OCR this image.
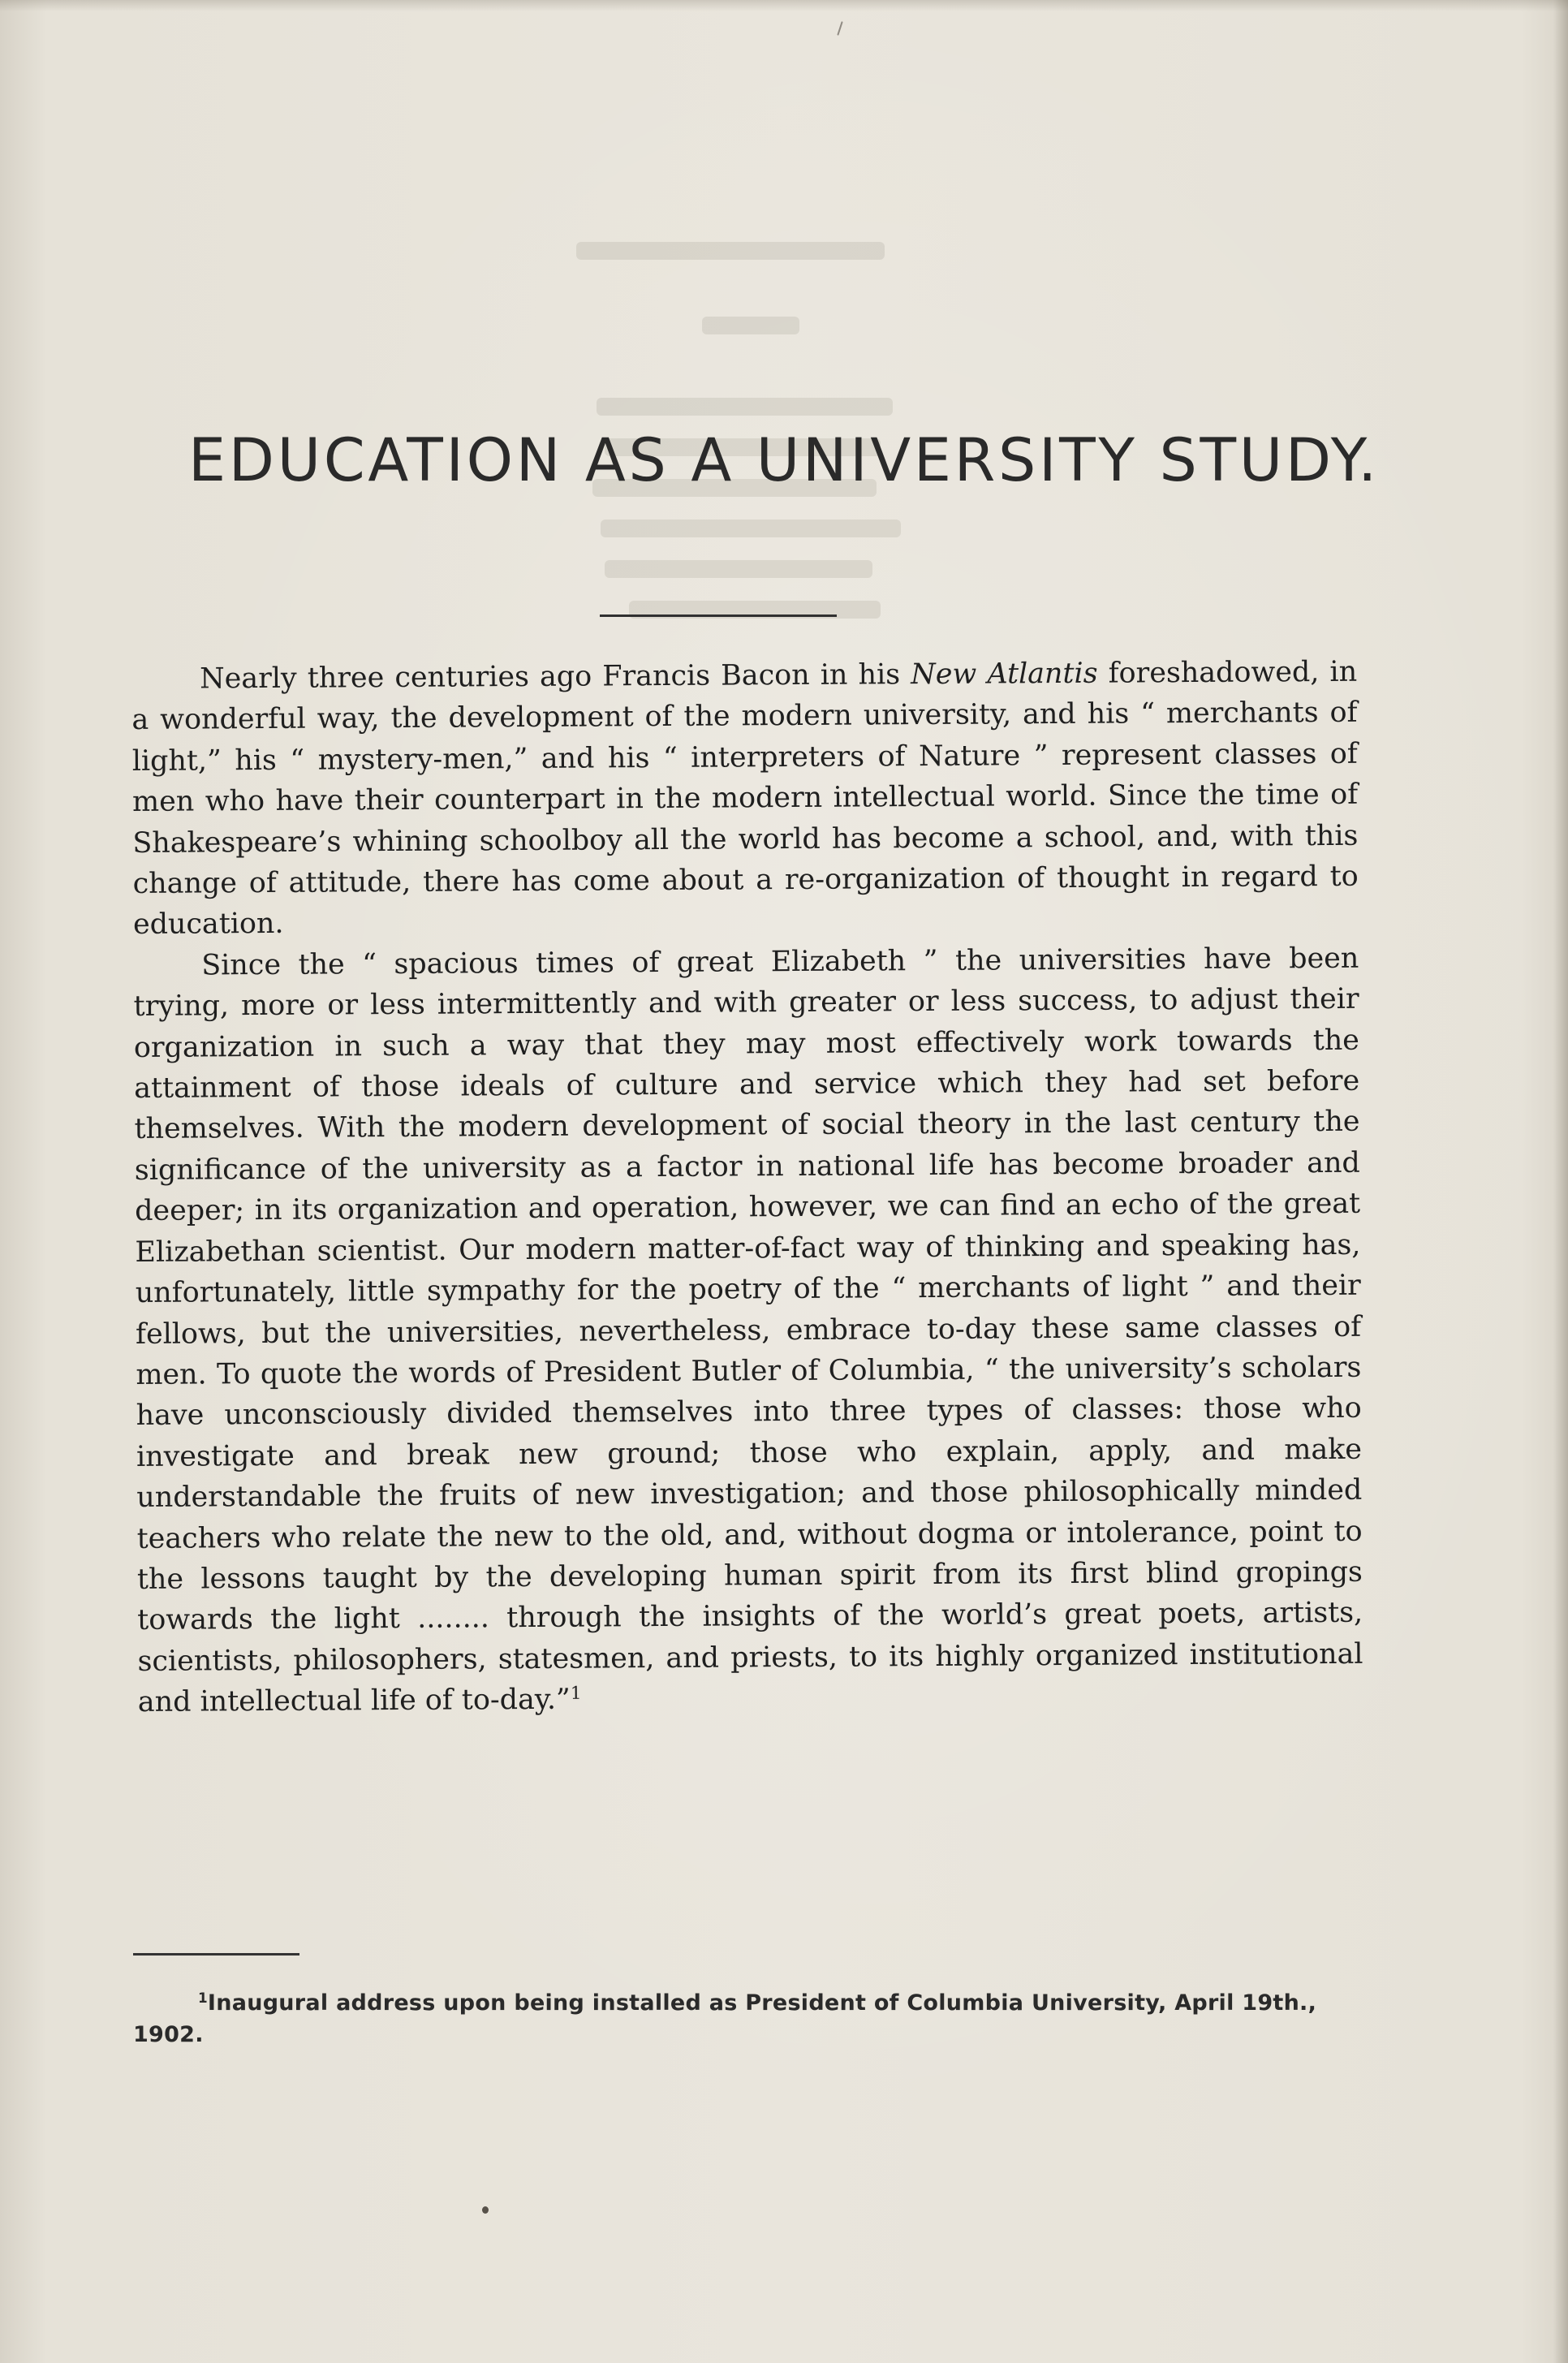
EDUCATION AS A UNIVERSITY STUDY.

Nearly three centuries ago Francis Bacon in his New Atlantis foreshadowed, in a wonderful way, the development of the modern university, and his “ merchants of light,” his “ mystery-men,” and his “ interpreters of Nature ” represent classes of men who have their counterpart in the modern intellectual world. Since the time of Shakespeare’s whining schoolboy all the world has become a school, and, with this change of attitude, there has come about a re-organization of thought in regard to education.

Since the “ spacious times of great Elizabeth ” the universities have been trying, more or less intermittently and with greater or less success, to adjust their organization in such a way that they may most effectively work towards the attainment of those ideals of culture and service which they had set before themselves. With the modern development of social theory in the last century the significance of the university as a factor in national life has become broader and deeper; in its organization and operation, however, we can find an echo of the great Elizabethan scientist. Our modern matter-of-fact way of thinking and speaking has, unfortunately, little sympathy for the poetry of the “ merchants of light ” and their fellows, but the universities, nevertheless, embrace to-day these same classes of men. To quote the words of President Butler of Columbia, “ the university’s scholars have unconsciously divided themselves into three types of classes: those who investigate and break new ground; those who explain, apply, and make understandable the fruits of new investigation; and those philosophically minded teachers who relate the new to the old, and, without dogma or intolerance, point to the lessons taught by the developing human spirit from its first blind gropings towards the light ........ through the insights of the world’s great poets, artists, scientists, philosophers, statesmen, and priests, to its highly organized institutional and intellectual life of to-day.”$^1$

$^1$Inaugural address upon being installed as President of Columbia University, April 19th., 1902.
